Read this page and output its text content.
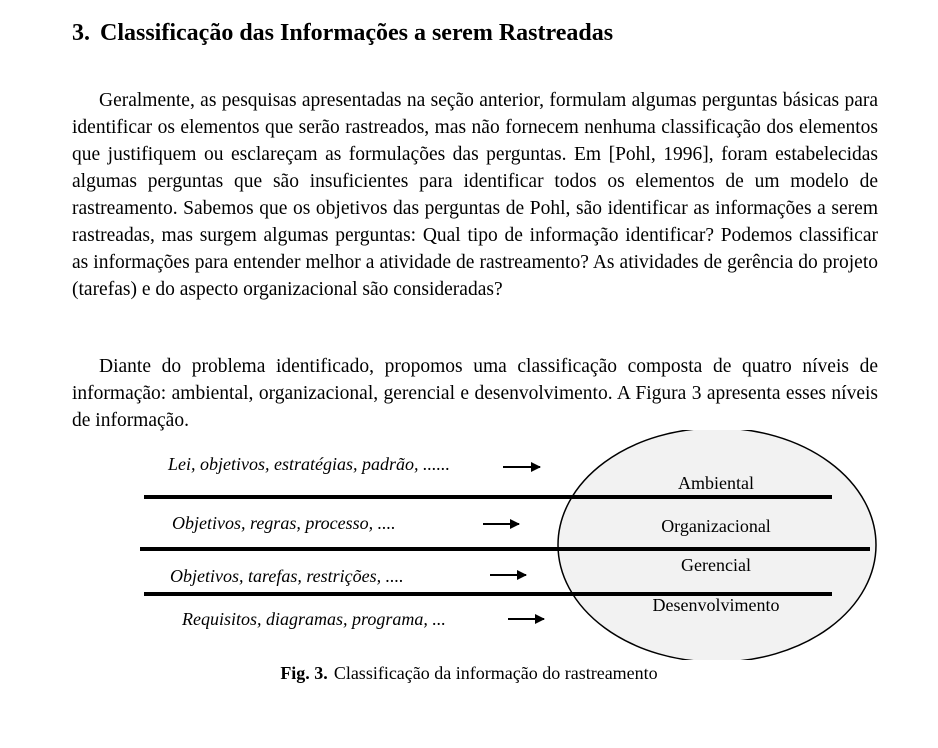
3. Classificação das Informações a serem Rastreadas

Geralmente, as pesquisas apresentadas na seção anterior, formulam algumas perguntas básicas para identificar os elementos que serão rastreados, mas não fornecem nenhuma classificação dos elementos que justifiquem ou esclareçam as formulações das perguntas. Em [Pohl, 1996], foram estabelecidas algumas perguntas que são insuficientes para identificar todos os elementos de um modelo de rastreamento. Sabemos que os objetivos das perguntas de Pohl, são identificar as informações a serem rastreadas, mas surgem algumas perguntas: Qual tipo de informação identificar? Podemos classificar as informações para entender melhor a atividade de rastreamento? As atividades de gerência do projeto (tarefas) e do aspecto organizacional são consideradas?

Diante do problema identificado, propomos uma classificação composta de quatro níveis de informação: ambiental, organizacional, gerencial e desenvolvimento. A Figura 3 apresenta esses níveis de informação.

Ambiental
Organizacional
Gerencial
Desenvolvimento
Lei, objetivos, estratégias, padrão, ......
Objetivos, regras, processo, ....
Objetivos, tarefas, restrições, ....
Requisitos, diagramas, programa, ...
Fig. 3. Classificação da informação do rastreamento
